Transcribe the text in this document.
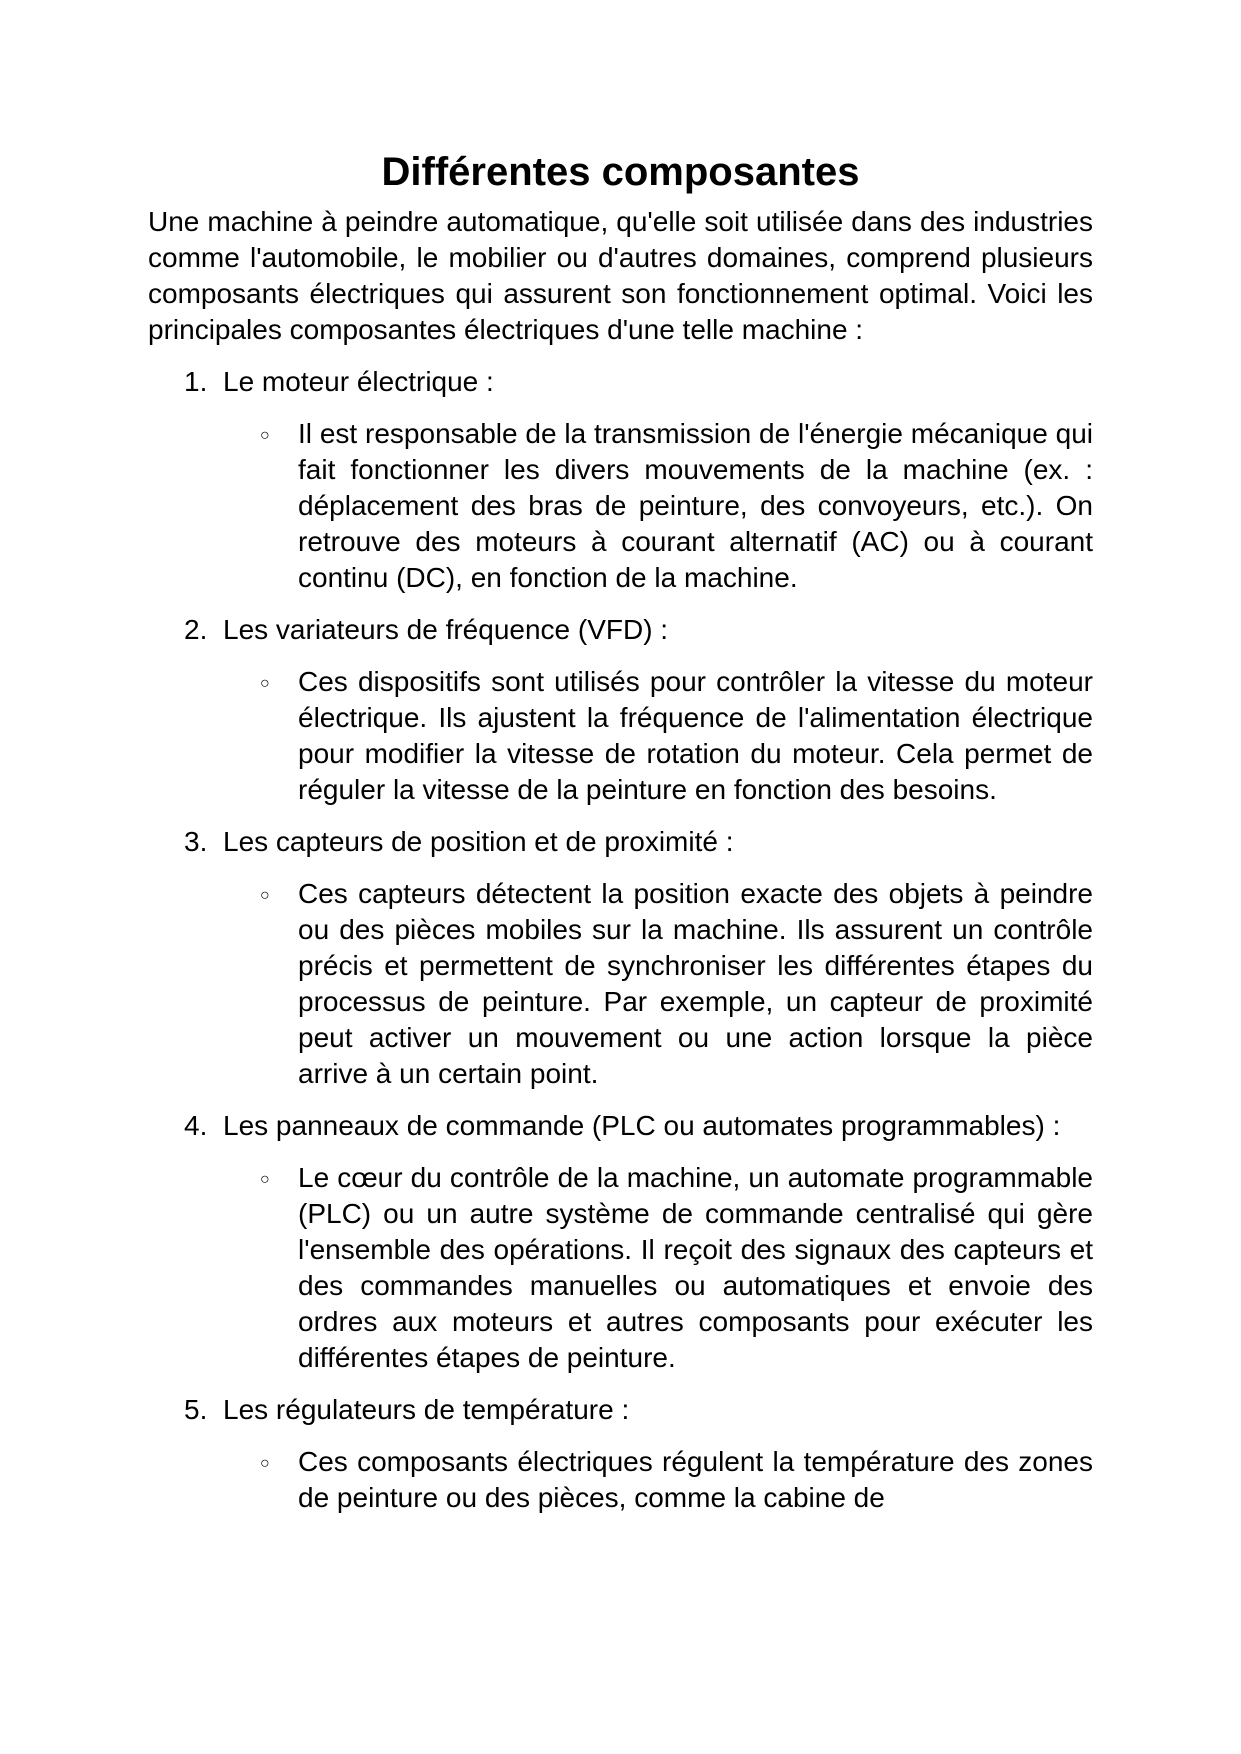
Différentes composantes

Une machine à peindre automatique, qu'elle soit utilisée dans des industries comme l'automobile, le mobilier ou d'autres domaines, comprend plusieurs composants électriques qui assurent son fonctionnement optimal. Voici les principales composantes électriques d'une telle machine :

1. Le moteur électrique :
○ Il est responsable de la transmission de l'énergie mécanique qui fait fonctionner les divers mouvements de la machine (ex. : déplacement des bras de peinture, des convoyeurs, etc.). On retrouve des moteurs à courant alternatif (AC) ou à courant continu (DC), en fonction de la machine.
2. Les variateurs de fréquence (VFD) :
○ Ces dispositifs sont utilisés pour contrôler la vitesse du moteur électrique. Ils ajustent la fréquence de l'alimentation électrique pour modifier la vitesse de rotation du moteur. Cela permet de réguler la vitesse de la peinture en fonction des besoins.
3. Les capteurs de position et de proximité :
○ Ces capteurs détectent la position exacte des objets à peindre ou des pièces mobiles sur la machine. Ils assurent un contrôle précis et permettent de synchroniser les différentes étapes du processus de peinture. Par exemple, un capteur de proximité peut activer un mouvement ou une action lorsque la pièce arrive à un certain point.
4. Les panneaux de commande (PLC ou automates programmables) :
○ Le cœur du contrôle de la machine, un automate programmable (PLC) ou un autre système de commande centralisé qui gère l'ensemble des opérations. Il reçoit des signaux des capteurs et des commandes manuelles ou automatiques et envoie des ordres aux moteurs et autres composants pour exécuter les différentes étapes de peinture.
5. Les régulateurs de température :
○ Ces composants électriques régulent la température des zones de peinture ou des pièces, comme la cabine de
